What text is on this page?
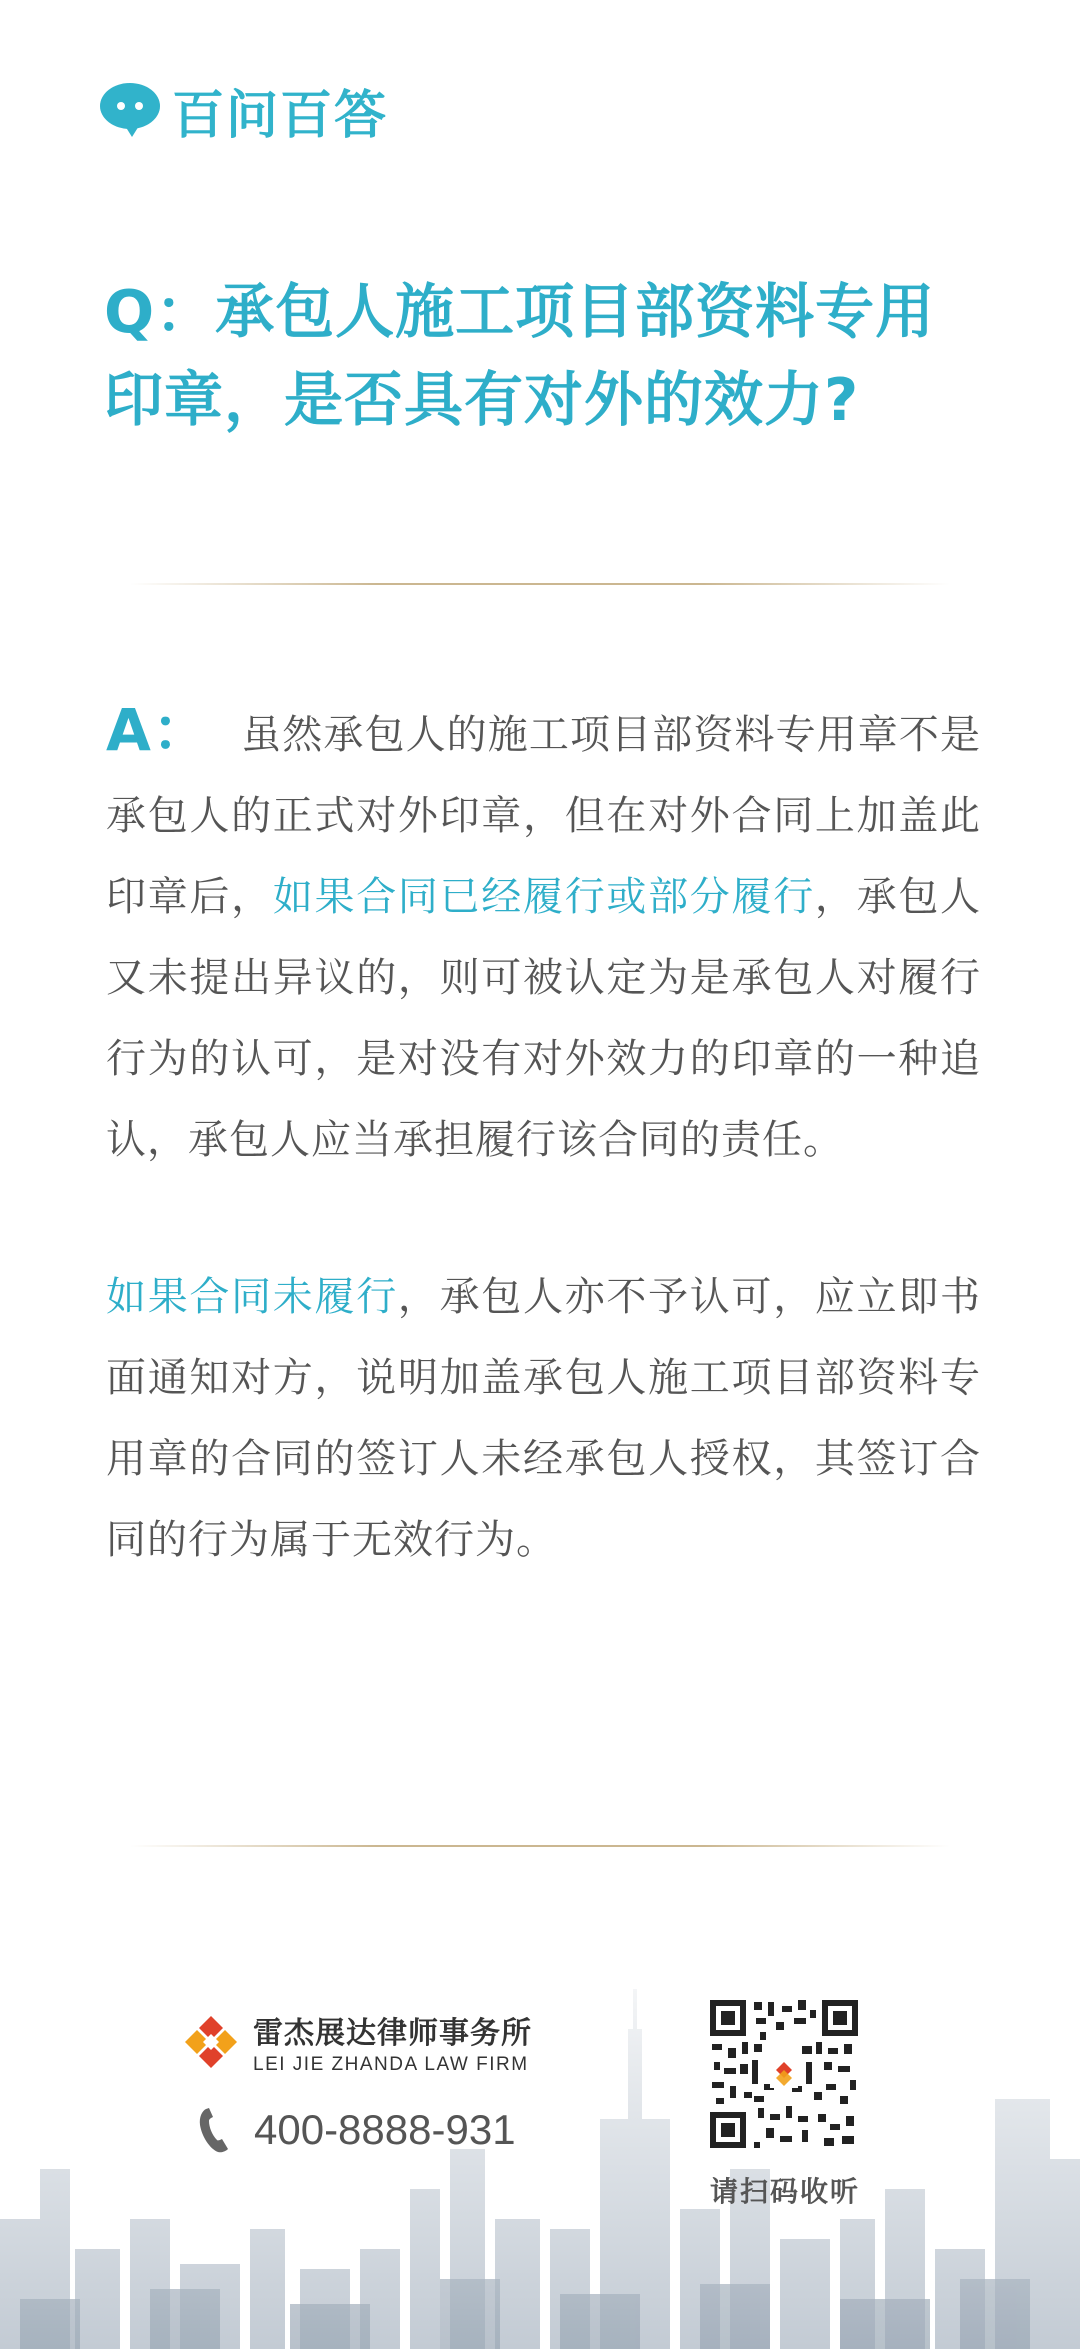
百问百答
Q：承包人施工项目部资料专用印章，是否具有对外的效力?
A： 虽然承包人的施工项目部资料专用章不是承包人的正式对外印章，但在对外合同上加盖此印章后，如果合同已经履行或部分履行，承包人又未提出异议的，则可被认定为是承包人对履行行为的认可，是对没有对外效力的印章的一种追认，承包人应当承担履行该合同的责任。
如果合同未履行，承包人亦不予认可，应立即书面通知对方，说明加盖承包人施工项目部资料专用章的合同的签订人未经承包人授权，其签订合同的行为属于无效行为。
雷杰展达律师事务所
LEI JIE ZHANDA LAW FIRM
400-8888-931
请扫码收听
